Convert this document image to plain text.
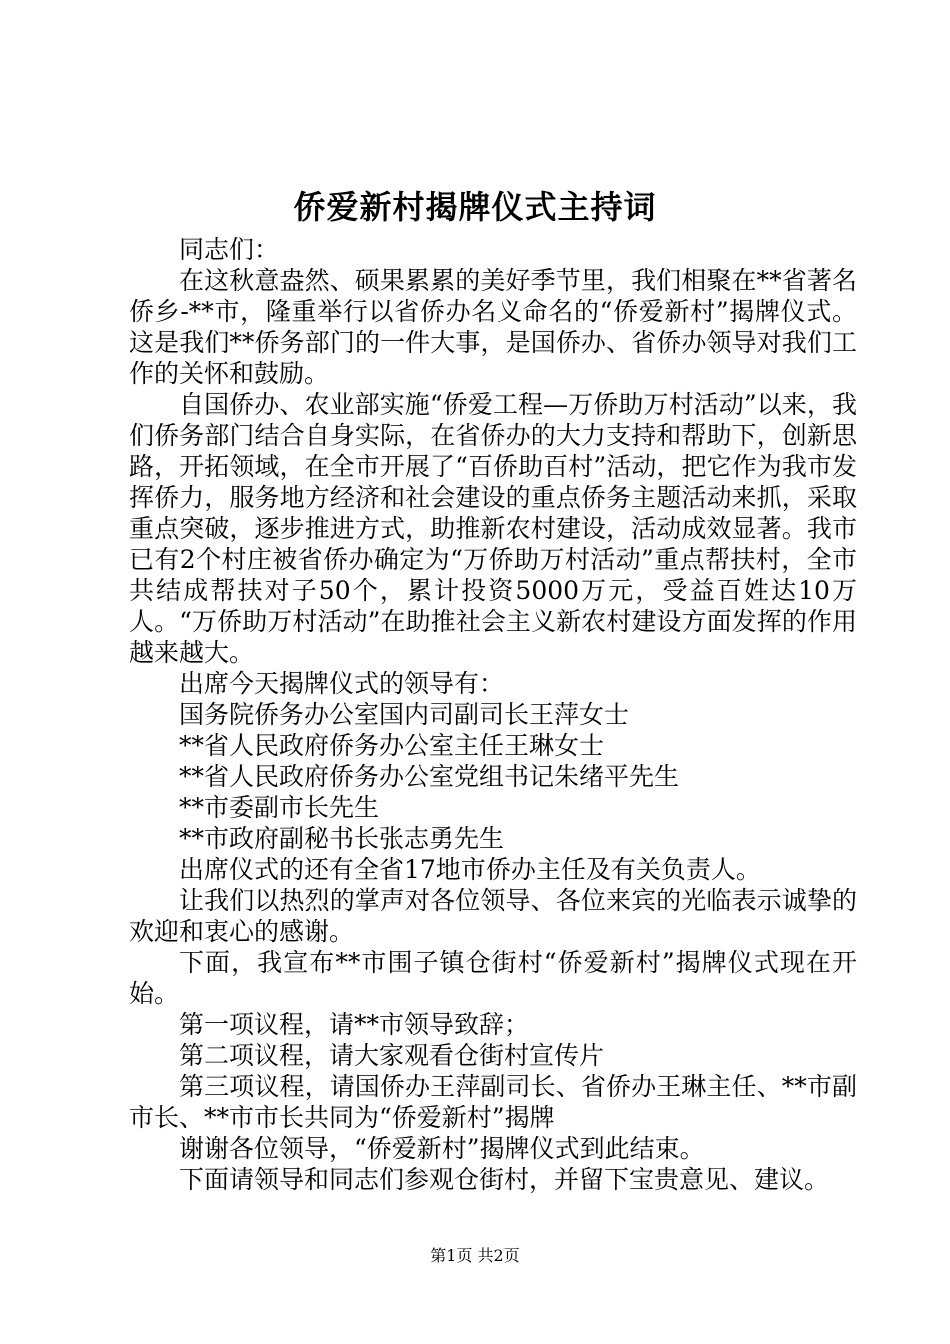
侨爱新村揭牌仪式主持词

同志们：

在这秋意盎然、硕果累累的美好季节里，我们相聚在**省著名侨乡-**市，隆重举行以省侨办名义命名的“侨爱新村”揭牌仪式。这是我们**侨务部门的一件大事，是国侨办、省侨办领导对我们工作的关怀和鼓励。

自国侨办、农业部实施“侨爱工程—万侨助万村活动”以来，我们侨务部门结合自身实际，在省侨办的大力支持和帮助下，创新思路，开拓领域，在全市开展了“百侨助百村”活动，把它作为我市发挥侨力，服务地方经济和社会建设的重点侨务主题活动来抓，采取重点突破，逐步推进方式，助推新农村建设，活动成效显著。我市已有2个村庄被省侨办确定为“万侨助万村活动”重点帮扶村，全市共结成帮扶对子50个，累计投资5000万元，受益百姓达10万人。“万侨助万村活动”在助推社会主义新农村建设方面发挥的作用越来越大。

出席今天揭牌仪式的领导有：

国务院侨务办公室国内司副司长王萍女士

**省人民政府侨务办公室主任王琳女士

**省人民政府侨务办公室党组书记朱绪平先生

**市委副市长先生

**市政府副秘书长张志勇先生

出席仪式的还有全省17地市侨办主任及有关负责人。

让我们以热烈的掌声对各位领导、各位来宾的光临表示诚挚的欢迎和衷心的感谢。

下面，我宣布**市围子镇仓街村“侨爱新村”揭牌仪式现在开始。

第一项议程，请**市领导致辞；

第二项议程，请大家观看仓街村宣传片

第三项议程，请国侨办王萍副司长、省侨办王琳主任、**市副市长、**市市长共同为“侨爱新村”揭牌

谢谢各位领导，“侨爱新村”揭牌仪式到此结束。

下面请领导和同志们参观仓街村，并留下宝贵意见、建议。

第1页 共2页
